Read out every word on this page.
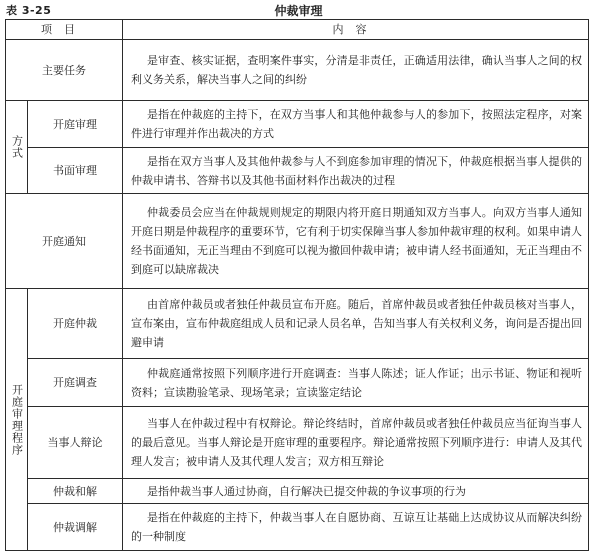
表 3-25	仲裁审理
项目		内容
主要任务		是审查、核实证据，查明案件事实，分清是非责任，正确适用法律，确认当事人之间的权利义务关系，解决当事人之间的纠纷
方式	开庭审理	是指在仲裁庭的主持下，在双方当事人和其他仲裁参与人的参加下，按照法定程序，对案件进行审理并作出裁决的方式
	书面审理	是指在双方当事人及其他仲裁参与人不到庭参加审理的情况下，仲裁庭根据当事人提供的仲裁申请书、答辩书以及其他书面材料作出裁决的过程
开庭通知		仲裁委员会应当在仲裁规则规定的期限内将开庭日期通知双方当事人。向双方当事人通知开庭日期是仲裁程序的重要环节，它有利于切实保障当事人参加仲裁审理的权利。如果申请人经书面通知，无正当理由不到庭可以视为撤回仲裁申请；被申请人经书面通知，无正当理由不到庭可以缺席裁决
开庭审理程序	开庭仲裁	由首席仲裁员或者独任仲裁员宣布开庭。随后，首席仲裁员或者独任仲裁员核对当事人，宣布案由，宣布仲裁庭组成人员和记录人员名单，告知当事人有关权利义务，询问是否提出回避申请
	开庭调查	仲裁庭通常按照下列顺序进行开庭调查：当事人陈述；证人作证；出示书证、物证和视听资料；宣读勘验笔录、现场笔录；宣读鉴定结论
	当事人辩论	当事人在仲裁过程中有权辩论。辩论终结时，首席仲裁员或者独任仲裁员应当征询当事人的最后意见。当事人辩论是开庭审理的重要程序。辩论通常按照下列顺序进行：申请人及其代理人发言；被申请人及其代理人发言；双方相互辩论
	仲裁和解	是指仲裁当事人通过协商，自行解决已提交仲裁的争议事项的行为
	仲裁调解	是指在仲裁庭的主持下，仲裁当事人在自愿协商、互谅互让基础上达成协议从而解决纠纷的一种制度
